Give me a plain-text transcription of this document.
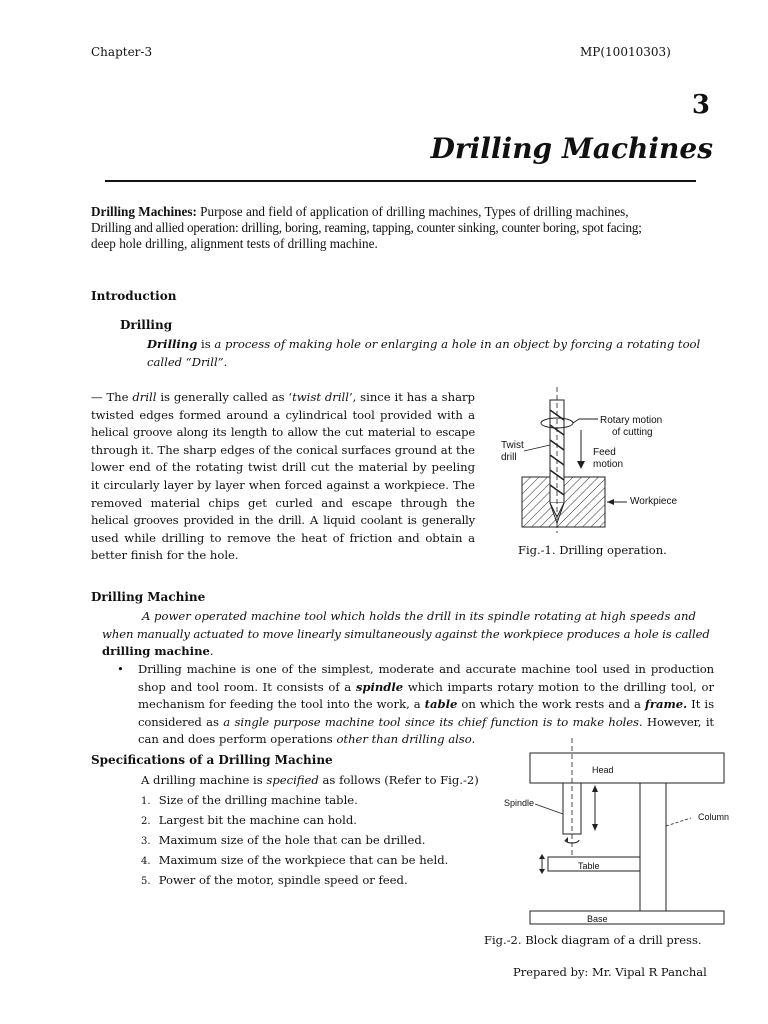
Chapter-3	MP(10010303)
3
Drilling Machines
Drilling Machines: Purpose and field of application of drilling machines, Types of drilling machines,
Drilling and allied operation: drilling, boring, reaming, tapping, counter sinking, counter boring, spot facing;
deep hole drilling, alignment tests of drilling machine.
Introduction
Drilling
Drilling is a process of making hole or enlarging a hole in an object by forcing a rotating tool
called “Drill”.
— The drill is generally called as ‘twist drill’, since it has a sharp
twisted edges formed around a cylindrical tool provided with a
helical groove along its length to allow the cut material to escape
through it. The sharp edges of the conical surfaces ground at the
lower end of the rotating twist drill cut the material by peeling
it circularly layer by layer when forced against a workpiece. The
removed material chips get curled and escape through the
helical grooves provided in the drill. A liquid coolant is generally
used while drilling to remove the heat of friction and obtain a
better finish for the hole.
Rotary motion
of cutting
Twist
drill	Feed
motion
Workpiece
Fig.-1. Drilling operation.
Drilling Machine
A power operated machine tool which holds the drill in its spindle rotating at high speeds and
when manually actuated to move linearly simultaneously against the workpiece produces a hole is called
drilling machine.
• Drilling machine is one of the simplest, moderate and accurate machine tool used in production
shop and tool room. It consists of a spindle which imparts rotary motion to the drilling tool, or
mechanism for feeding the tool into the work, a table on which the work rests and a frame. It is
considered as a single purpose machine tool since its chief function is to make holes. However, it
can and does perform operations other than drilling also.
Specifications of a Drilling Machine
A drilling machine is specified as follows (Refer to Fig.-2)
1. Size of the drilling machine table.
2. Largest bit the machine can hold.
3. Maximum size of the hole that can be drilled.
4. Maximum size of the workpiece that can be held.
5. Power of the motor, spindle speed or feed.
Head
Spindle
Column
Table
Base
Fig.-2. Block diagram of a drill press.
Prepared by: Mr. Vipal R Panchal
